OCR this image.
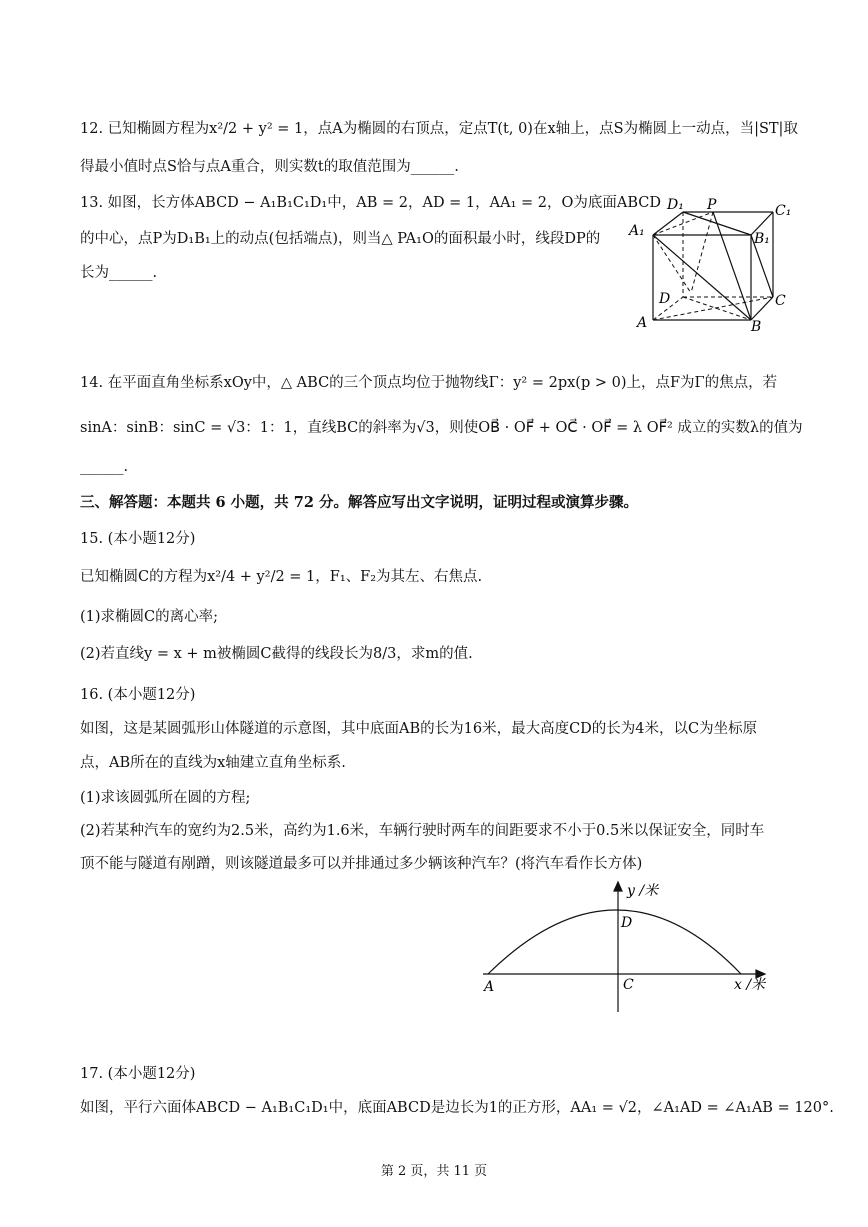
12. 已知椭圆方程为x²/2 + y² = 1，点A为椭圆的右顶点，定点T(t, 0)在x轴上，点S为椭圆上一动点，当|ST|取
得最小值时点S恰与点A重合，则实数t的取值范围为______.
13. 如图，长方体ABCD − A₁B₁C₁D₁中，AB = 2，AD = 1，AA₁ = 2，O为底面ABCD
的中心，点P为D₁B₁上的动点(包括端点)，则当△ PA₁O的面积最小时，线段DP的
长为______.
D₁ P	C₁
A₁	B₁
D	C
A	B
14. 在平面直角坐标系xOy中，△ ABC的三个顶点均位于抛物线Γ：y² = 2px(p > 0)上，点F为Γ的焦点，若
sinA：sinB：sinC = √3：1：1，直线BC的斜率为√3，则使OB⃗ · OF⃗ + OC⃗ · OF⃗ = λ OF⃗² 成立的实数λ的值为
______.
三、解答题：本题共 6 小题，共 72 分。解答应写出文字说明，证明过程或演算步骤。
15. (本小题12分)
已知椭圆C的方程为x²/4 + y²/2 = 1，F₁、F₂为其左、右焦点.
(1)求椭圆C的离心率;
(2)若直线y = x + m被椭圆C截得的线段长为8/3，求m的值.
16. (本小题12分)
如图，这是某圆弧形山体隧道的示意图，其中底面AB的长为16米，最大高度CD的长为4米，以C为坐标原
点，AB所在的直线为x轴建立直角坐标系.
(1)求该圆弧所在圆的方程;
(2)若某种汽车的宽约为2.5米，高约为1.6米，车辆行驶时两车的间距要求不小于0.5米以保证安全，同时车
顶不能与隧道有剐蹭，则该隧道最多可以并排通过多少辆该种汽车？(将汽车看作长方体)
y /米
x /米
D
A	C
17. (本小题12分)
如图，平行六面体ABCD − A₁B₁C₁D₁中，底面ABCD是边长为1的正方形，AA₁ = √2，∠A₁AD = ∠A₁AB = 120°.
第 2 页，共 11 页
